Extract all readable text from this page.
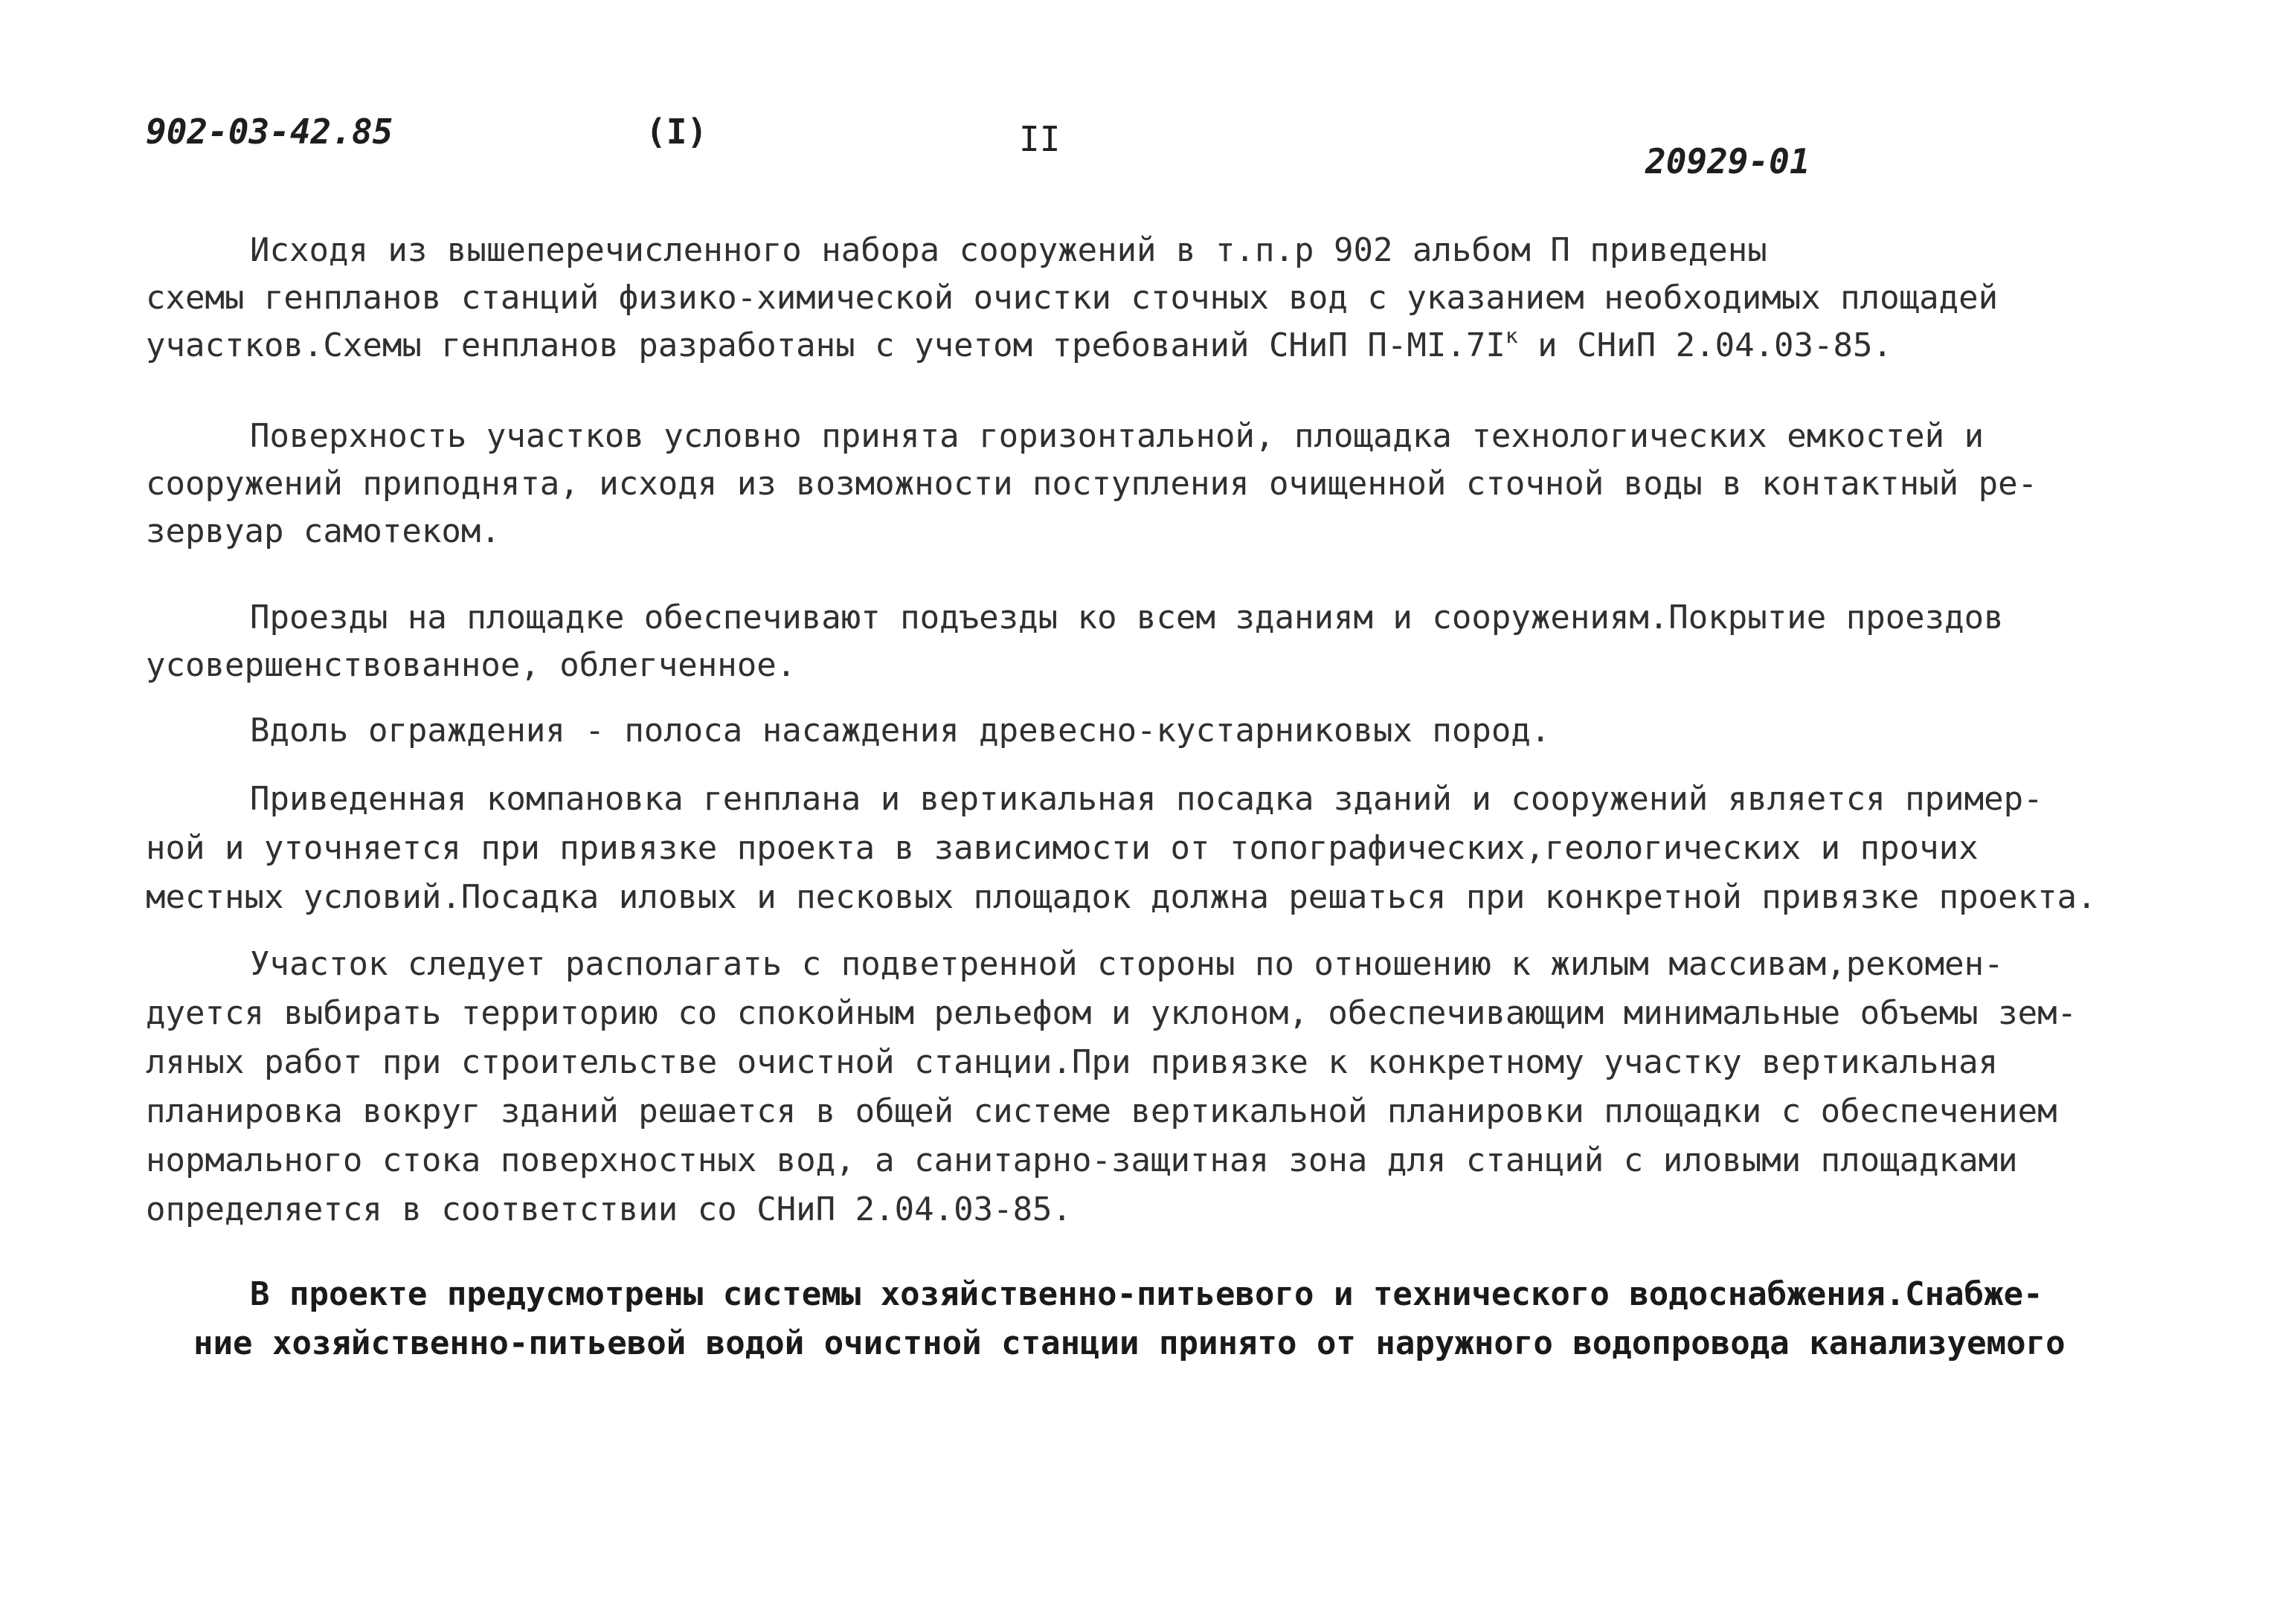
902-03-42.85	(I)	II
20929-01
Исходя из вышеперечисленного набора сооружений в т.п.р 902 альбом П приведены
схемы генпланов станций физико-химической очистки сточных вод с указанием необходимых площадей
участков.Схемы генпланов разработаны с учетом требований СНиП $П-МI.7I^к$ и СНиП 2.04.03-85.
Поверхность участков условно принята горизонтальной, площадка технологических емкостей и
сооружений приподнята, исходя из возможности поступления очищенной сточной воды в контактный ре-
зервуар самотеком.
Проезды на площадке обеспечивают подъезды ко всем зданиям и сооружениям.Покрытие проездов
усовершенствованное, облегченное.
Вдоль ограждения - полоса насаждения древесно-кустарниковых пород.
Приведенная компановка генплана и вертикальная посадка зданий и сооружений является пример-
ной и уточняется при привязке проекта в зависимости от топографических,геологических и прочих
местных условий.Посадка иловых и песковых площадок должна решаться при конкретной привязке проекта.
Участок следует располагать с подветренной стороны по отношению к жилым массивам,рекомен-
дуется выбирать территорию со спокойным рельефом и уклоном, обеспечивающим минимальные объемы зем-
ляных работ при строительстве очистной станции.При привязке к конкретному участку вертикальная
планировка вокруг зданий решается в общей системе вертикальной планировки площадки с обеспечением
нормального стока поверхностных вод, а санитарно-защитная зона для станций с иловыми площадками
определяется в соответствии со СНиП 2.04.03-85.
В проекте предусмотрены системы хозяйственно-питьевого и технического водоснабжения.Снабже-
ние хозяйственно-питьевой водой очистной станции принято от наружного водопровода канализуемого
